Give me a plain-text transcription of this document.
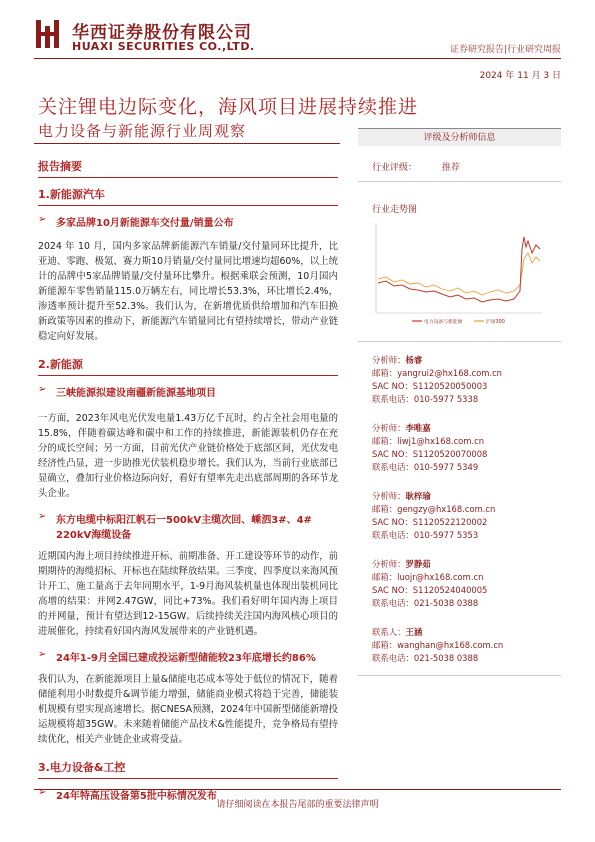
华西证券股份有限公司
HUAXI SECURITIES CO.,LTD.	证券研究报告|行业研究周报
2024 年 11 月 3 日
关注锂电边际变化，海风项目进展持续推进
电力设备与新能源行业周观察
报告摘要
1.新能源汽车
➢ 多家品牌10月新能源车交付量/销量公布
2024 年 10 月，国内多家品牌新能源汽车销量/交付量同环比提升，比亚迪、零跑、极氪、赛力斯10月销量/交付量同比增速均超60%，以上统计的品牌中5家品牌销量/交付量环比攀升。根据乘联会预测，10月国内新能源车零售销量115.0万辆左右，同比增长53.3%，环比增长2.4%，渗透率预计提升至52.3%。我们认为，在新增优质供给增加和汽车旧换新政策等因素的推动下，新能源汽车销量同比有望持续增长，带动产业链稳定向好发展。
2.新能源
➢ 三峡能源拟建设南疆新能源基地项目
一方面，2023年风电光伏发电量1.43万亿千瓦时，约占全社会用电量的15.8%，伴随着碳达峰和碳中和工作的持续推进，新能源装机仍存在充分的成长空间；另一方面，目前光伏产业链价格处于底部区间，光伏发电经济性凸显，进一步助推光伏装机稳步增长。我们认为，当前行业底部已显确立，叠加行业价格边际向好，看好有望率先走出底部周期的各环节龙头企业。
➢ 东方电缆中标阳江帆石一500kV主缆次回、嵊泗3#、4# 220kV海缆设备
近期国内海上项目持续推进开标、前期准备、开工建设等环节的动作，前期期待的海缆招标、开标也在陆续释放结果。三季度、四季度以来海风预计开工、施工量高于去年同期水平，1-9月海风装机量也体现出装机同比高增的结果：并网2.47GW，同比+73%。我们看好明年国内海上项目的并网量，预计有望达到12-15GW。后续持续关注国内海风核心项目的进展催化，持续看好国内海风发展带来的产业链机遇。
➢ 24年1-9月全国已建成投运新型储能较23年底增长约86%
我们认为，在新能源项目上量&储能电芯成本等处于低位的情况下，随着储能利用小时数提升&调节能力增强，储能商业模式将趋于完善，储能装机规模有望实现高速增长。据CNESA预测，2024年中国新型储能新增投运规模将超35GW。未来随着储能产品技术&性能提升，竞争格局有望持续优化，相关产业链企业或将受益。
3.电力设备&工控
➢ 24年特高压设备第5批中标情况发布
评级及分析师信息
行业评级：	推荐
行业走势图
电力设备与新能源	沪深300
分析师：杨睿
邮箱：yangrui2@hx168.com.cn
SAC NO：S1120520050003
联系电话：010-5977 5338
分析师：李唯嘉
邮箱：liwj1@hx168.com.cn
SAC NO：S1120520070008
联系电话：010-5977 5349
分析师：耿梓瑜
邮箱：gengzy@hx168.com.cn
SAC NO：S1120522120002
联系电话：010-5977 5353
分析师：罗静茹
邮箱：luojr@hx168.com.cn
SAC NO：S1120524040005
联系电话：021-5038 0388
联系人：王涵
邮箱：wanghan@hx168.com.cn
联系电话：021-5038 0388
请仔细阅读在本报告尾部的重要法律声明
